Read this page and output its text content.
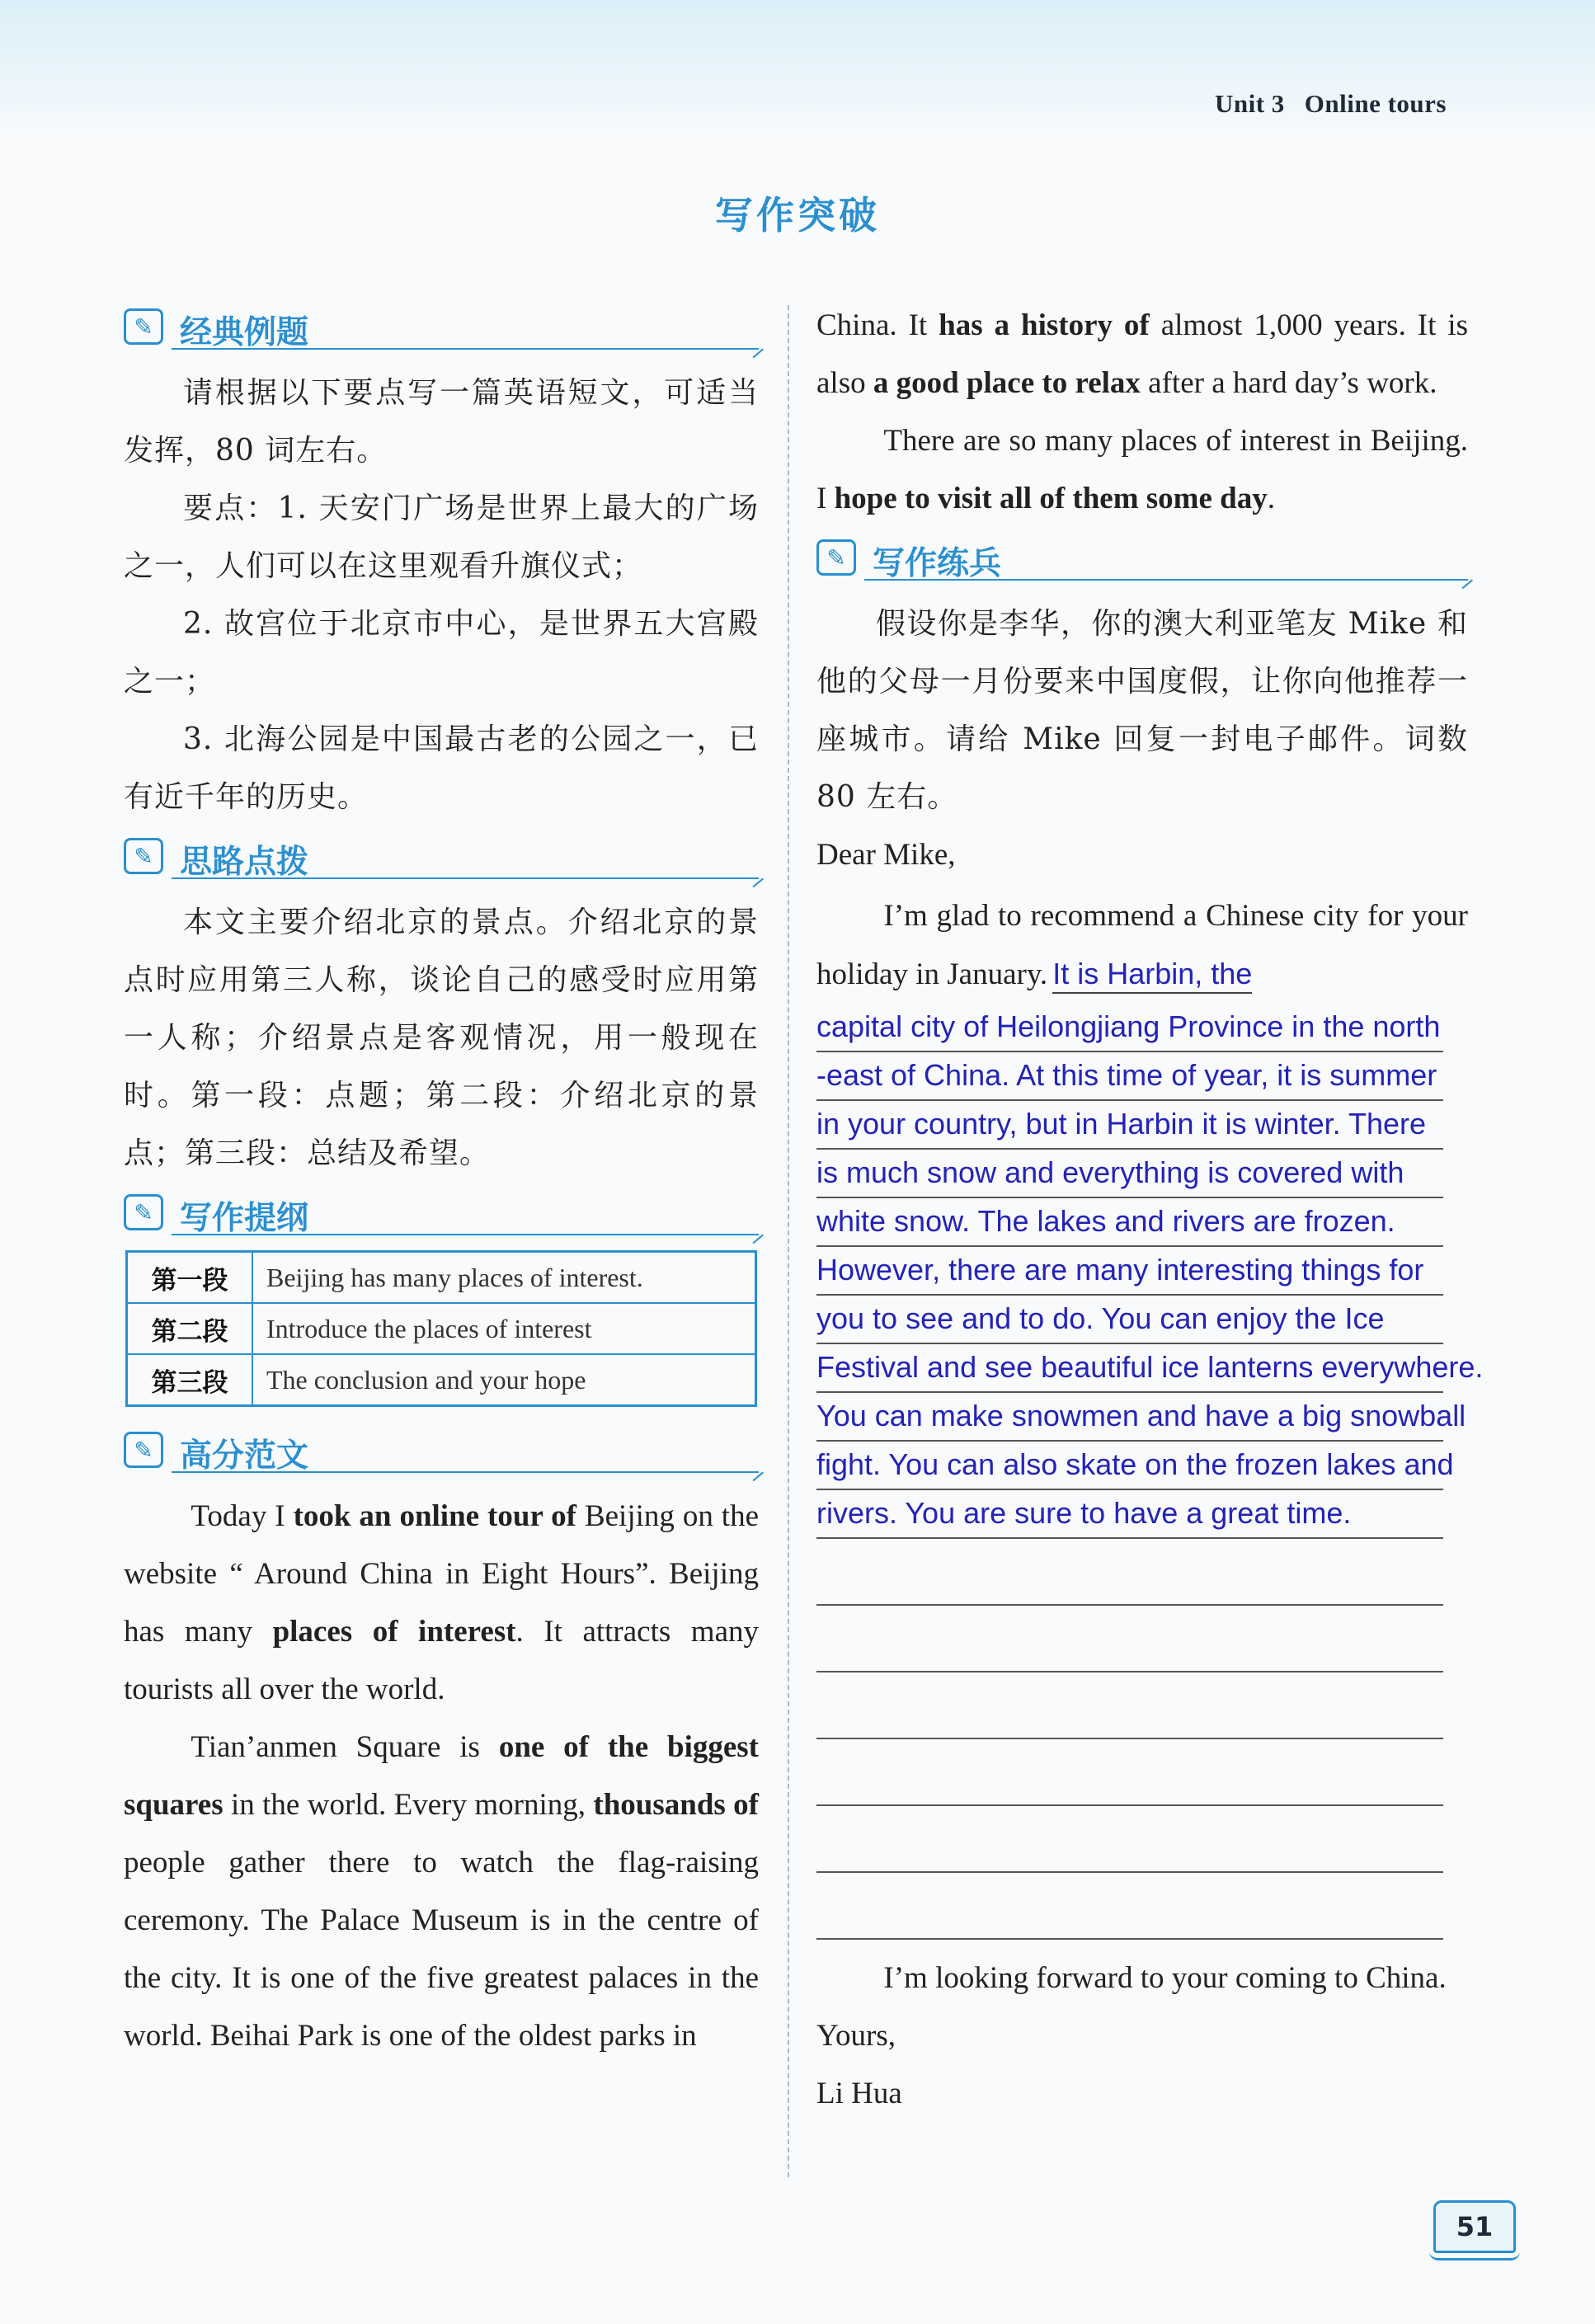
Unit 3 Online tours
写作突破
✎ 经典例题

请根据以下要点写一篇英语短文，可适当发挥，80 词左右。

要点：1. 天安门广场是世界上最大的广场之一，人们可以在这里观看升旗仪式；

2. 故宫位于北京市中心，是世界五大宫殿之一；

3. 北海公园是中国最古老的公园之一，已有近千年的历史。

✎ 思路点拨

本文主要介绍北京的景点。介绍北京的景点时应用第三人称，谈论自己的感受时应用第一人称；介绍景点是客观情况，用一般现在时。第一段：点题；第二段：介绍北京的景点；第三段：总结及希望。

✎ 写作提纲
第一段	Beijing has many places of interest.
第二段	Introduce the places of interest
第三段	The conclusion and your hope
✎ 高分范文

Today I took an online tour of Beijing on the website “ Around China in Eight Hours”. Beijing has many places of interest. It attracts many tourists all over the world.

Tian’anmen Square is one of the biggest squares in the world. Every morning, thousands of people gather there to watch the flag-raising ceremony. The Palace Museum is in the centre of the city. It is one of the five greatest palaces in the world. Beihai Park is one of the oldest parks in

China. It has a history of almost 1,000 years. It is also a good place to relax after a hard day’s work.

There are so many places of interest in Beijing. I hope to visit all of them some day.

✎ 写作练兵

假设你是李华，你的澳大利亚笔友 Mike 和他的父母一月份要来中国度假，让你向他推荐一座城市。请给 Mike 回复一封电子邮件。词数 80 左右。

Dear Mike,

I’m glad to recommend a Chinese city for your holiday in January. It is Harbin, the

capital city of Heilongjiang Province in the north
-east of China. At this time of year, it is summer
in your country, but in Harbin it is winter. There
is much snow and everything is covered with
white snow. The lakes and rivers are frozen.
However, there are many interesting things for
you to see and to do. You can enjoy the Ice
Festival and see beautiful ice lanterns everywhere.
You can make snowmen and have a big snowball
fight. You can also skate on the frozen lakes and
rivers. You are sure to have a great time.

I’m looking forward to your coming to China.

Yours,

Li Hua

51
